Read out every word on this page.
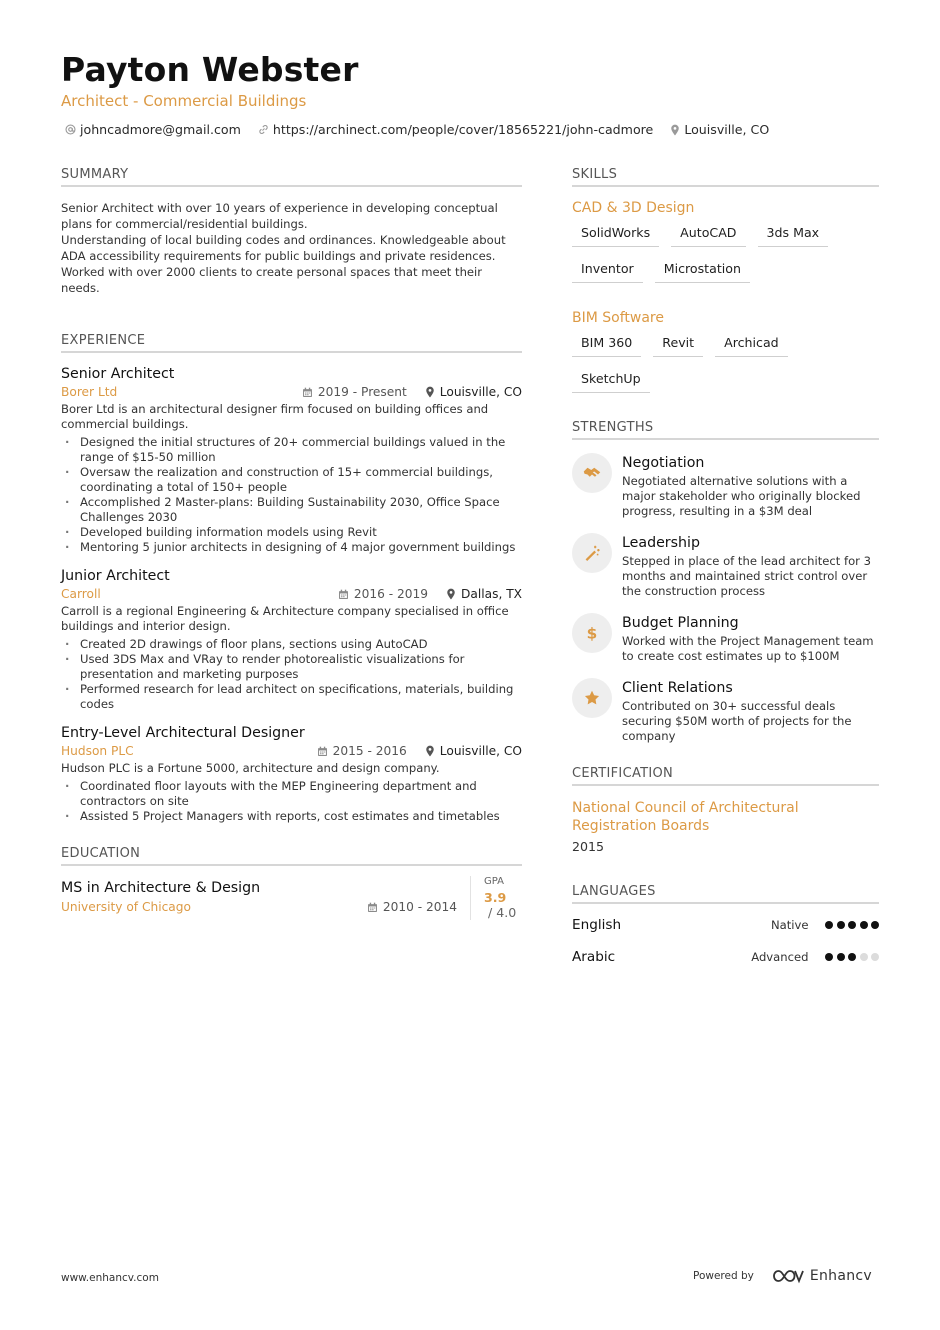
Payton Webster
Architect - Commercial Buildings
johncadmore@gmail.com	https://archinect.com/people/cover/18565221/john-cadmore Louisville, CO
SUMMARY

Senior Architect with over 10 years of experience in developing conceptual plans for commercial/residential buildings.

Understanding of local building codes and ordinances. Knowledgeable about ADA accessibility requirements for public buildings and private residences.

Worked with over 2000 clients to create personal spaces that meet their needs.

EXPERIENCE
Senior Architect
Borer Ltd	2019 - Present	Louisville, CO
Borer Ltd is an architectural designer firm focused on building offices and commercial buildings.
· Designed the initial structures of 20+ commercial buildings valued in the range of $15-50 million
· Oversaw the realization and construction of 15+ commercial buildings, coordinating a total of 150+ people
· Accomplished 2 Master-plans: Building Sustainability 2030, Office Space Challenges 2030
· Developed building information models using Revit
· Mentoring 5 junior architects in designing of 4 major government buildings
Junior Architect
Carroll	2016 - 2019	Dallas, TX
Carroll is a regional Engineering & Architecture company specialised in office buildings and interior design.
· Created 2D drawings of floor plans, sections using AutoCAD
· Used 3DS Max and VRay to render photorealistic visualizations for presentation and marketing purposes
· Performed research for lead architect on specifications, materials, building codes
Entry-Level Architectural Designer
Hudson PLC	2015 - 2016	Louisville, CO
Hudson PLC is a Fortune 5000, architecture and design company.
· Coordinated floor layouts with the MEP Engineering department and contractors on site
· Assisted 5 Project Managers with reports, cost estimates and timetables
EDUCATION
MS in Architecture & Design
University of Chicago	2010 - 2014
GPA
3.9 / 4.0
SKILLS
CAD & 3D Design
SolidWorks	AutoCAD	3ds Max
Inventor	Microstation
BIM Software
BIM 360	Revit	Archicad
SketchUp
STRENGTHS
Negotiation
Negotiated alternative solutions with a major stakeholder who originally blocked progress, resulting in a $3M deal
Leadership
Stepped in place of the lead architect for 3 months and maintained strict control over the construction process
$
Budget Planning
Worked with the Project Management team to create cost estimates up to $100M
Client Relations
Contributed on 30+ successful deals securing $50M worth of projects for the company
CERTIFICATION
National Council of Architectural Registration Boards
2015
LANGUAGES
English	Native
Arabic	Advanced
www.enhancv.com	Powered by	Enhancv
